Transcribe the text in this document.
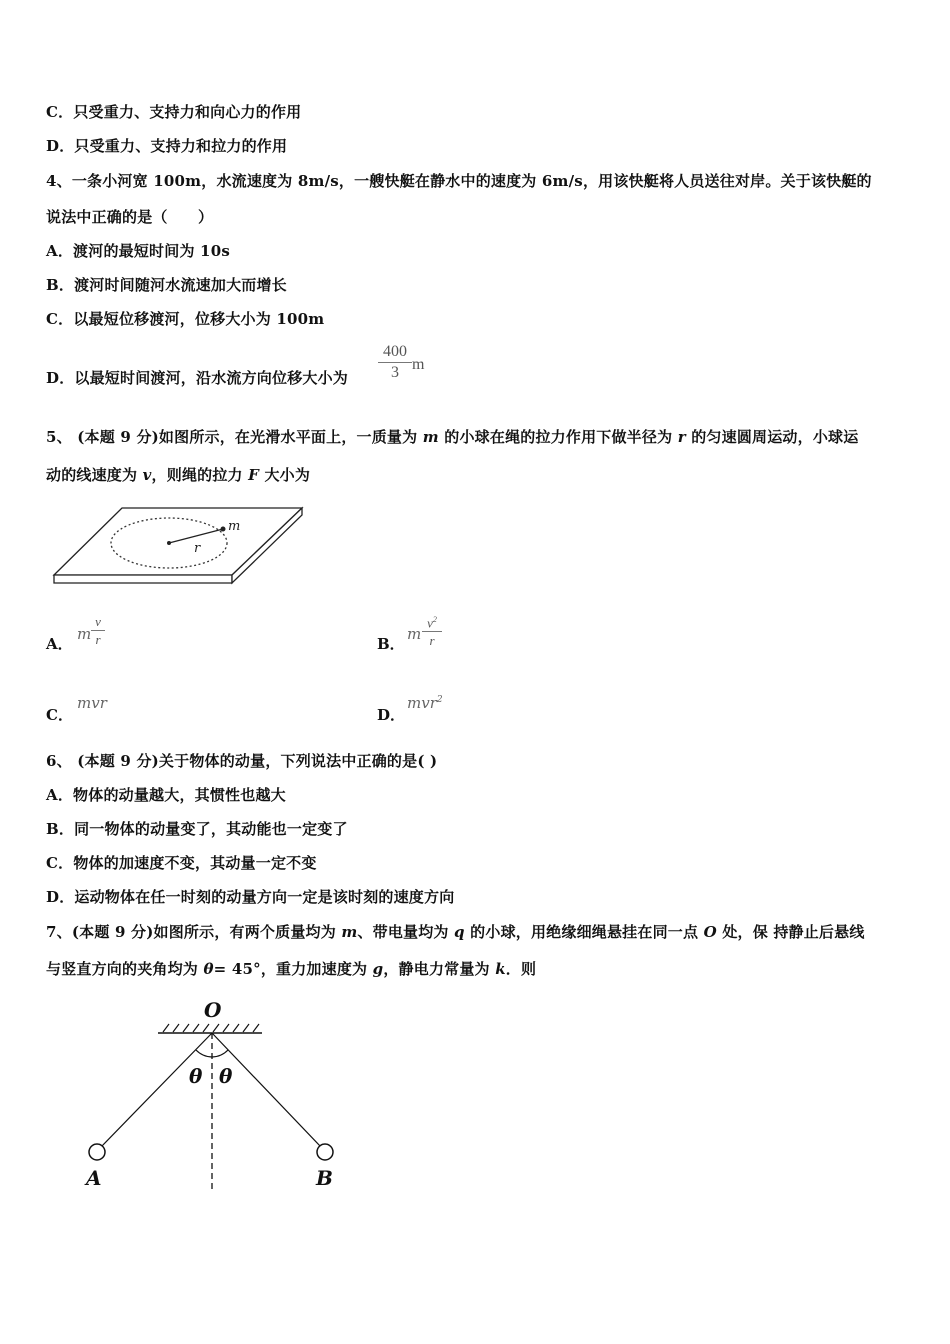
C．只受重力、支持力和向心力的作用
D．只受重力、支持力和拉力的作用
4、一条小河宽 100m，水流速度为 8m/s，一艘快艇在静水中的速度为 6m/s，用该快艇将人员送往对岸。关于该快艇的
说法中正确的是（　　）
A．渡河的最短时间为 10s
B．渡河时间随河水流速加大而增长
C．以最短位移渡河，位移大小为 100m
D．以最短时间渡河，沿水流方向位移大小为
400
3 m
5、 (本题 9 分)如图所示，在光滑水平面上，一质量为 m 的小球在绳的拉力作用下做半径为 r 的匀速圆周运动，小球运
动的线速度为 v，则绳的拉力 F 大小为
m
r
A．
m
v
r	B．
m
$v^2$
r
C．
mvr
D．
mvr$^2$
6、 (本题 9 分)关于物体的动量，下列说法中正确的是( )
A．物体的动量越大，其惯性也越大
B．同一物体的动量变了，其动能也一定变了
C．物体的加速度不变，其动量一定不变
D．运动物体在任一时刻的动量方向一定是该时刻的速度方向
7、(本题 9 分)如图所示，有两个质量均为 m、带电量均为 q 的小球，用绝缘细绳悬挂在同一点 O 处，保 持静止后悬线
与竖直方向的夹角均为 θ= 45°，重力加速度为 g，静电力常量为 k．则
O
θ θ
A	B
